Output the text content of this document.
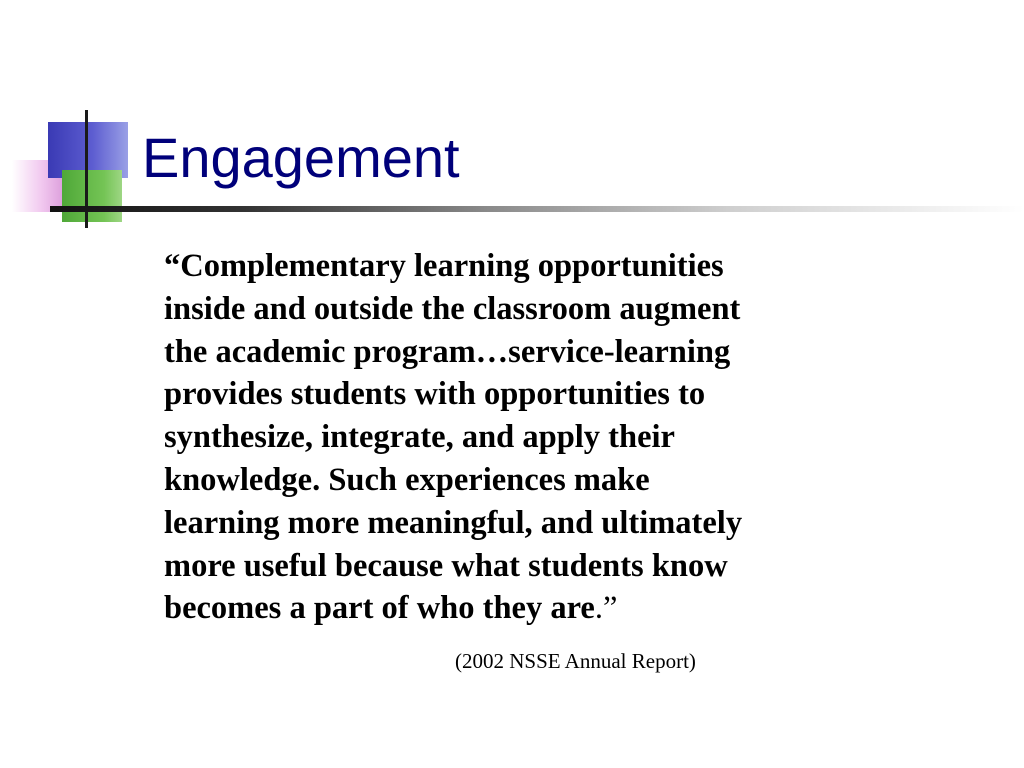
Engagement

“Complementary learning opportunities
inside and outside the classroom augment
the academic program…service-learning
provides students with opportunities to
synthesize, integrate, and apply their
knowledge. Such experiences make
learning more meaningful, and ultimately
more useful because what students know
becomes a part of who they are.”

(2002 NSSE Annual Report)
